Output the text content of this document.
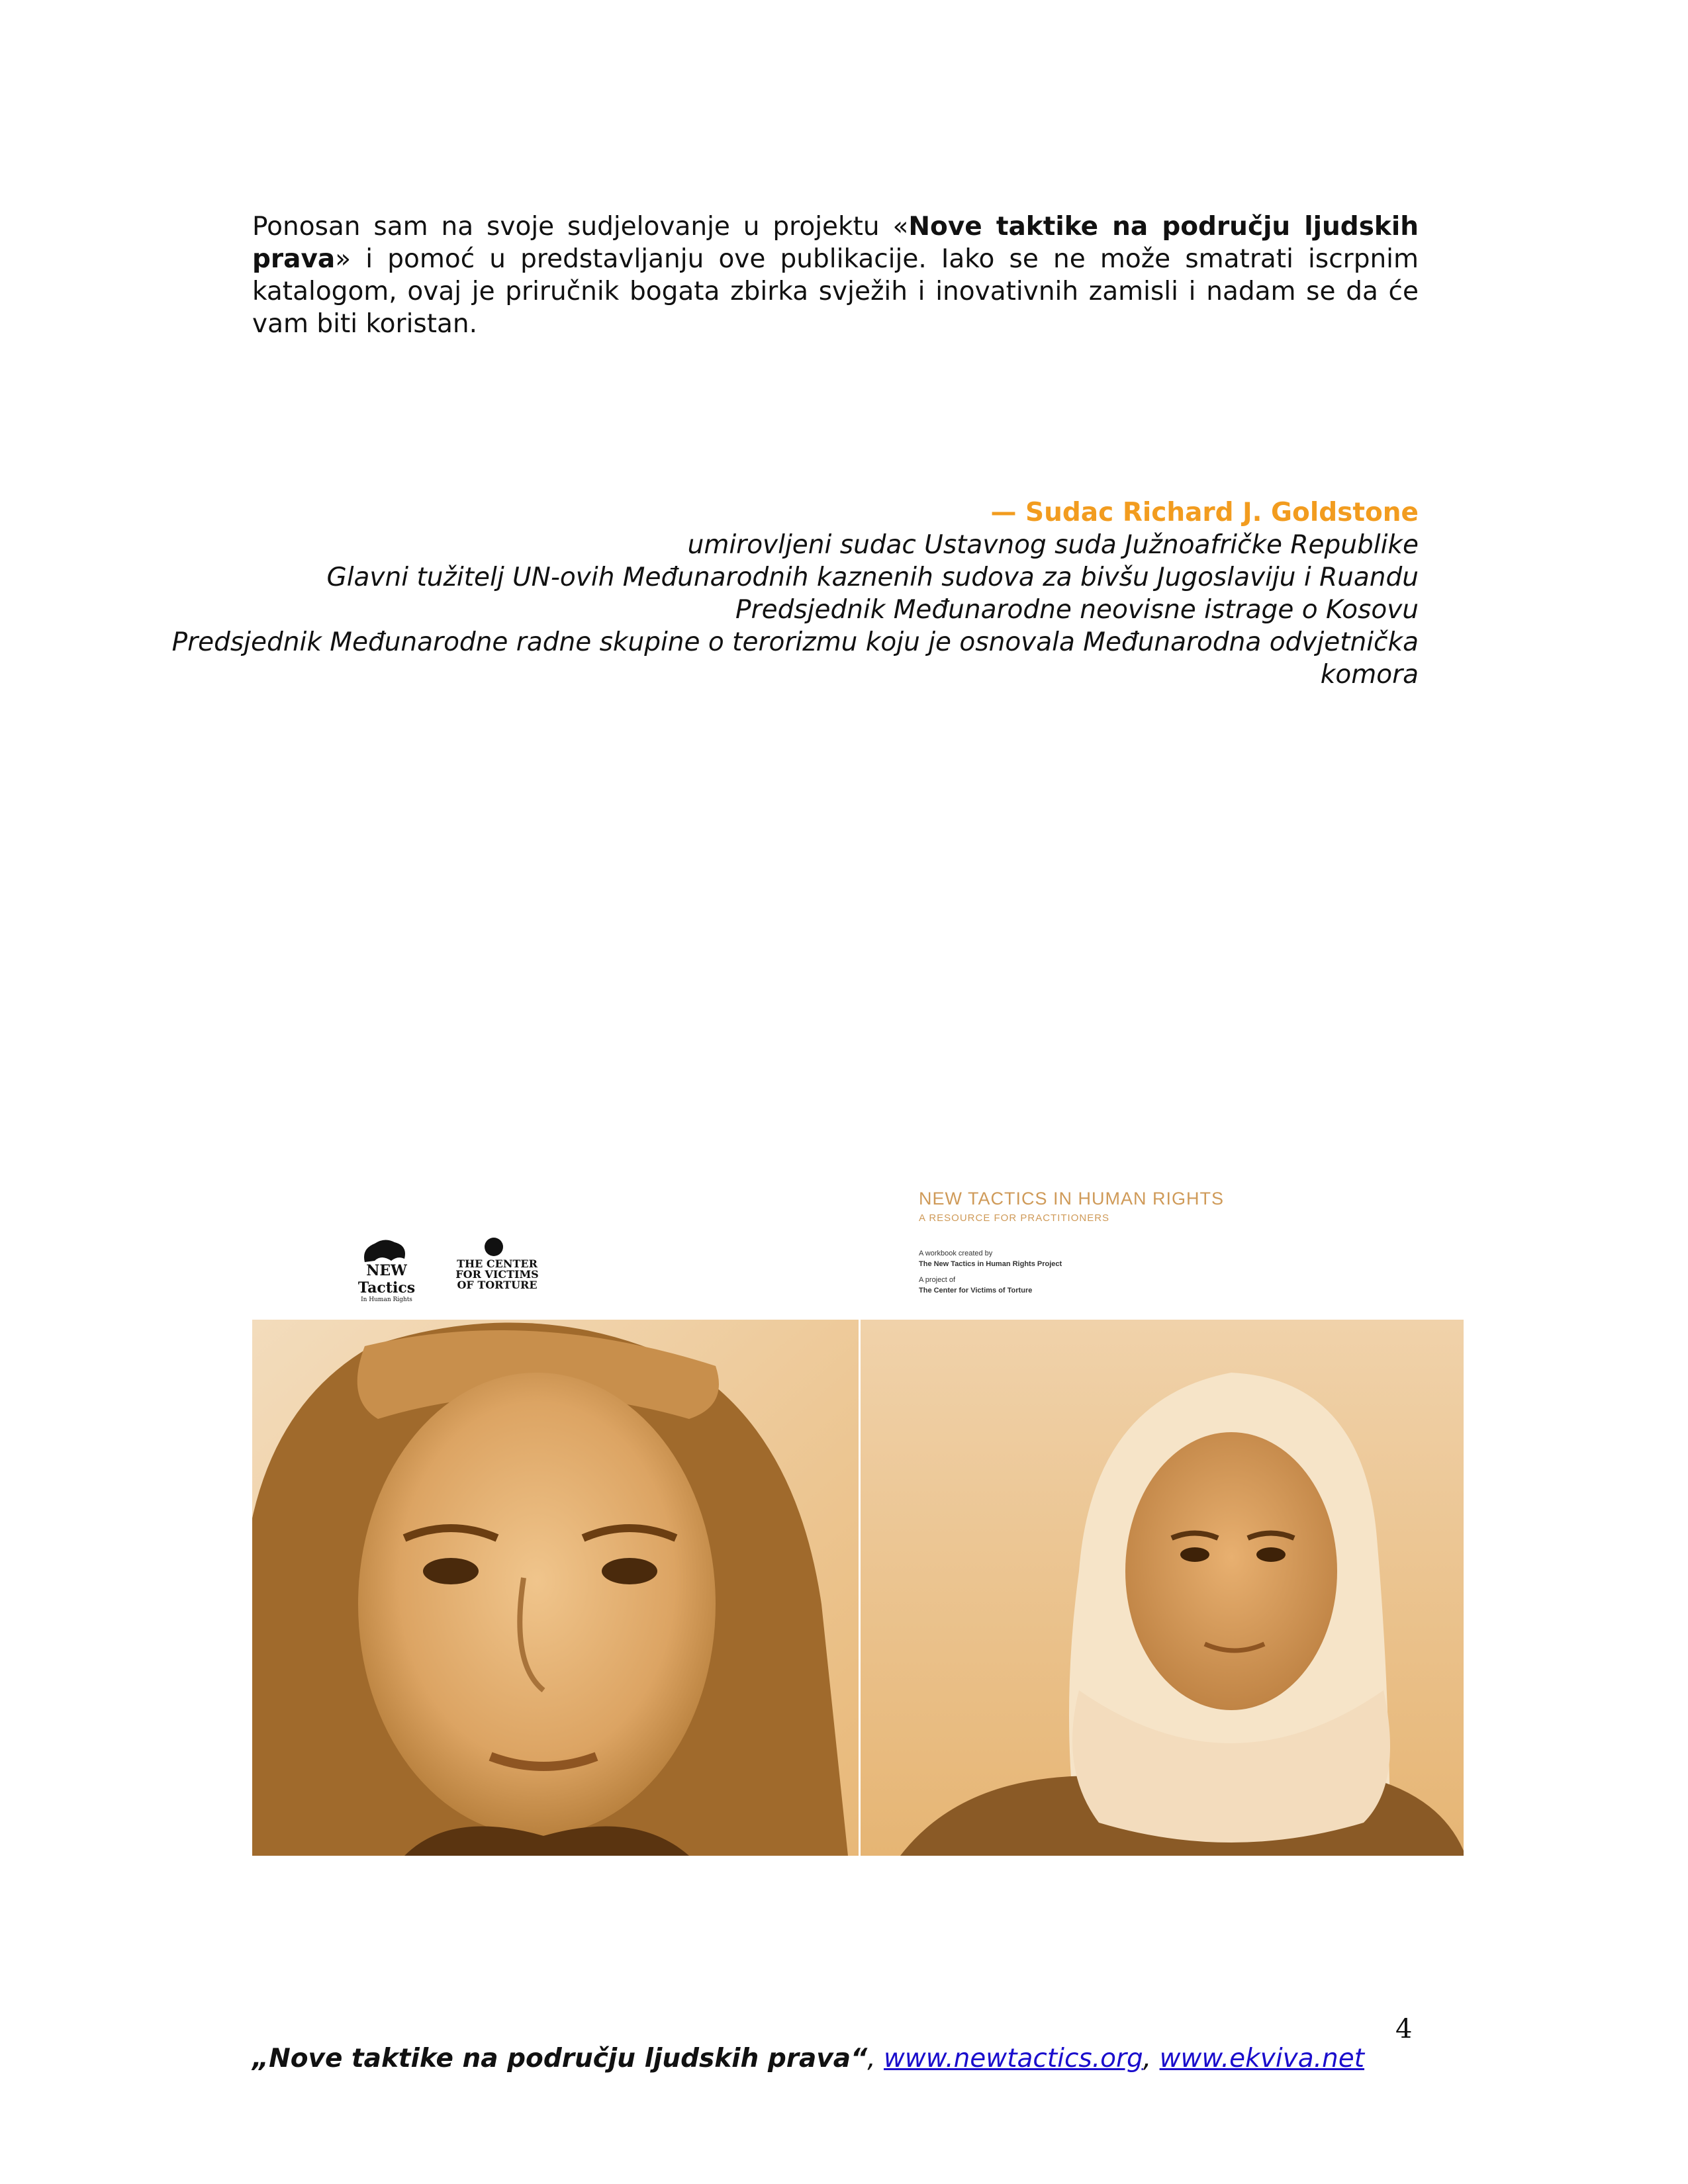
Ponosan sam na svoje sudjelovanje u projektu «Nove taktike na području ljudskih prava» i pomoć u predstavljanju ove publikacije. Iako se ne može smatrati iscrpnim katalogom, ovaj je priručnik bogata zbirka svježih i inovativnih zamisli i nadam se da će vam biti koristan.

— Sudac Richard J. Goldstone
umirovljeni sudac Ustavnog suda Južnoafričke Republike
Glavni tužitelj UN-ovih Međunarodnih kaznenih sudova za bivšu Jugoslaviju i Ruandu
Predsjednik Međunarodne neovisne istrage o Kosovu
Predsjednik Međunarodne radne skupine o terorizmu koju je osnovala Međunarodna odvjetnička komora
NEW Tactics
In Human Rights
THE CENTER FOR VICTIMS OF TORTURE
NEW TACTICS IN HUMAN RIGHTS
A RESOURCE FOR PRACTITIONERS
A workbook created by
The New Tactics in Human Rights Project
A project of
The Center for Victims of Torture
4
„Nove taktike na području ljudskih prava“, www.newtactics.org, www.ekviva.net
